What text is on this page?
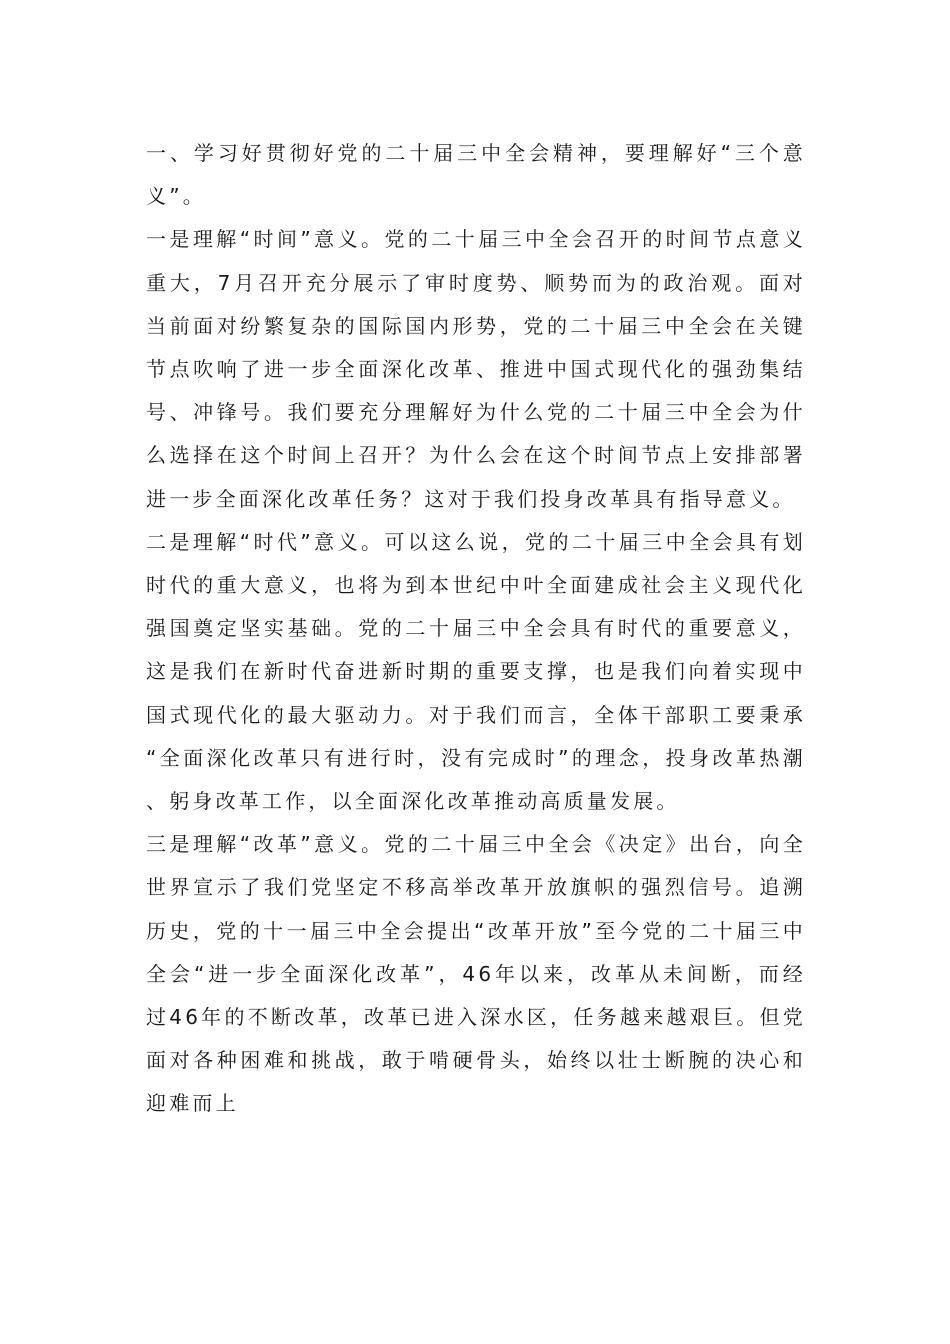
一、学习好贯彻好党的二十届三中全会精神，要理解好“三个意义”。

一是理解“时间”意义。党的二十届三中全会召开的时间节点意义重大，7月召开充分展示了审时度势、顺势而为的政治观。面对当前面对纷繁复杂的国际国内形势，党的二十届三中全会在关键节点吹响了进一步全面深化改革、推进中国式现代化的强劲集结号、冲锋号。我们要充分理解好为什么党的二十届三中全会为什么选择在这个时间上召开？为什么会在这个时间节点上安排部署进一步全面深化改革任务？这对于我们投身改革具有指导意义。

二是理解“时代”意义。可以这么说，党的二十届三中全会具有划时代的重大意义，也将为到本世纪中叶全面建成社会主义现代化强国奠定坚实基础。党的二十届三中全会具有时代的重要意义，这是我们在新时代奋进新时期的重要支撑，也是我们向着实现中国式现代化的最大驱动力。对于我们而言，全体干部职工要秉承“全面深化改革只有进行时，没有完成时”的理念，投身改革热潮、躬身改革工作，以全面深化改革推动高质量发展。

三是理解“改革”意义。党的二十届三中全会《决定》出台，向全世界宣示了我们党坚定不移高举改革开放旗帜的强烈信号。追溯历史，党的十一届三中全会提出“改革开放”至今党的二十届三中全会“进一步全面深化改革”，46年以来，改革从未间断，而经过46年的不断改革，改革已进入深水区，任务越来越艰巨。但党面对各种困难和挑战，敢于啃硬骨头，始终以壮士断腕的决心和迎难而上
